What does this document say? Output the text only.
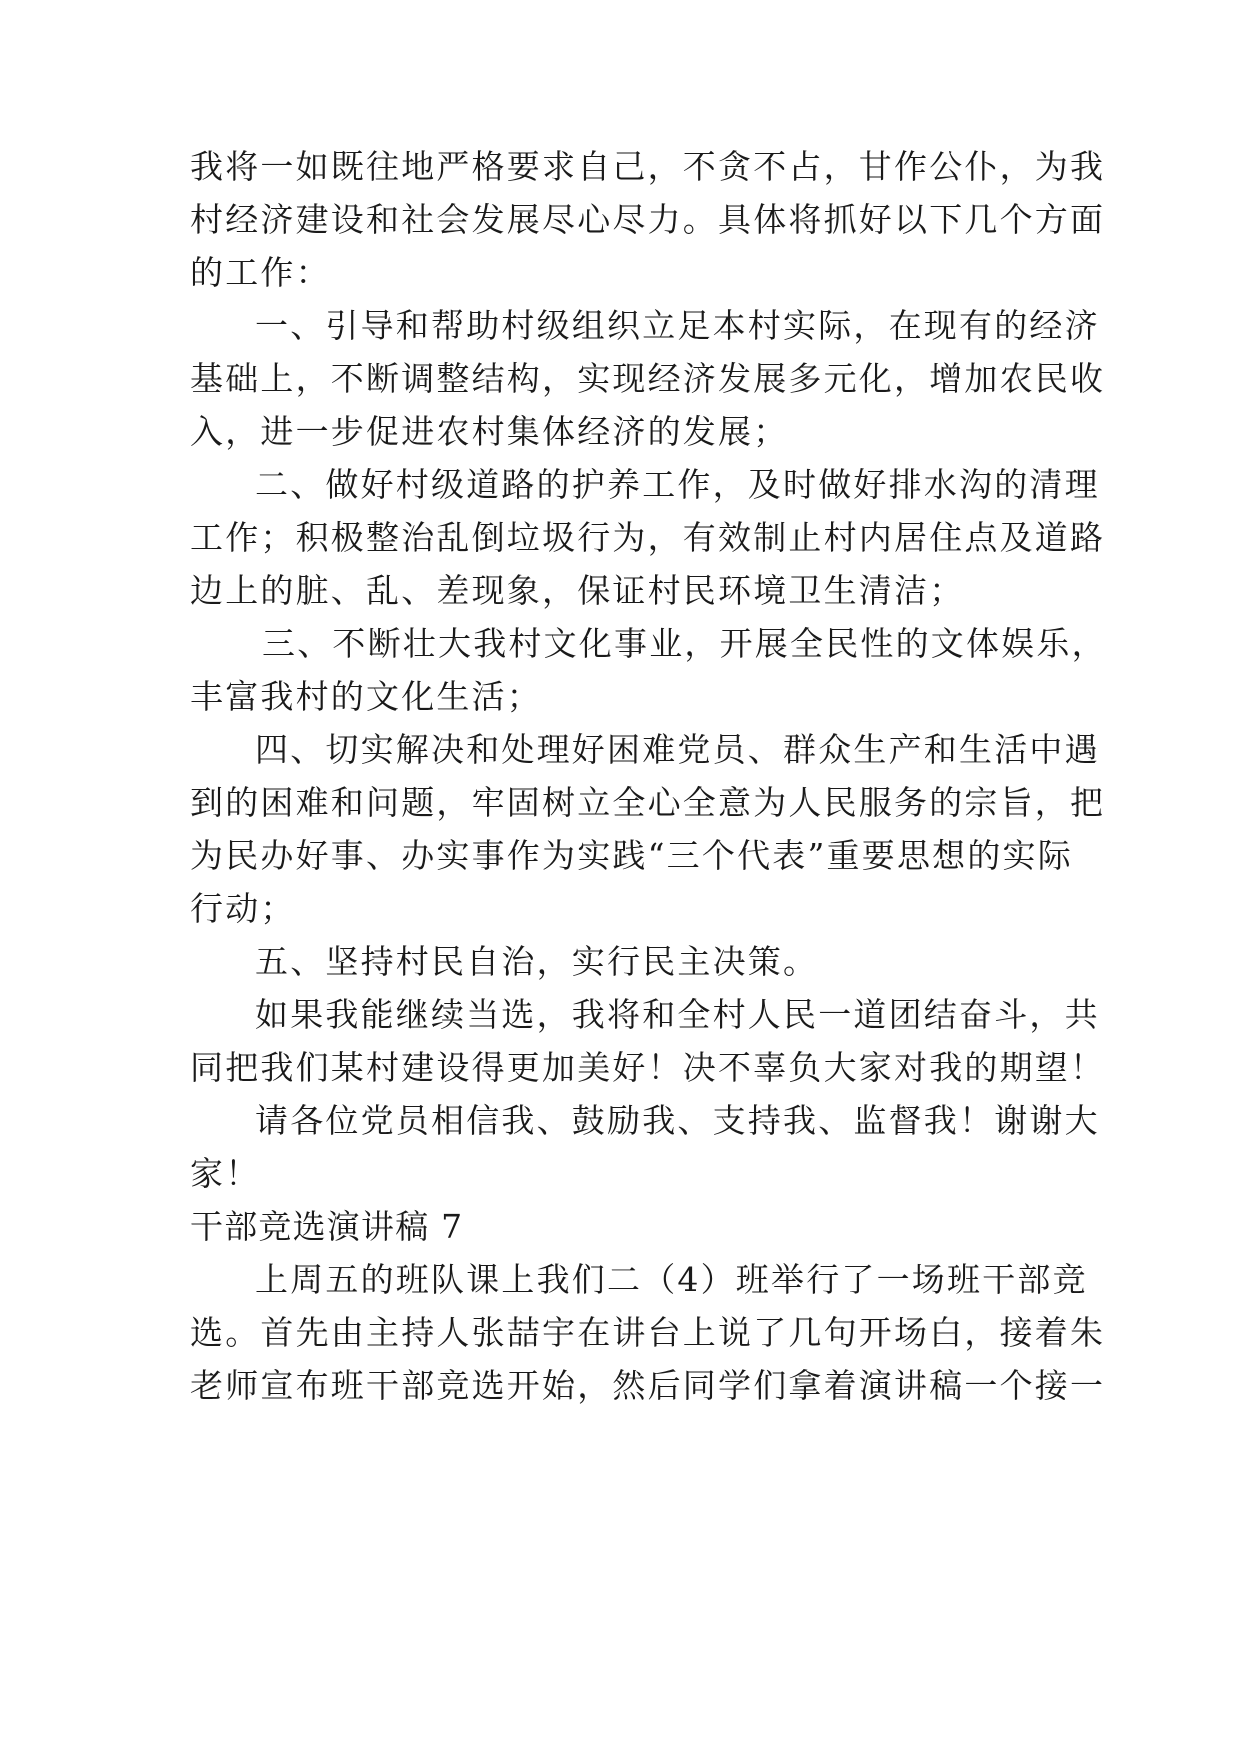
我将一如既往地严格要求自己，不贪不占，甘作公仆，为我
村经济建设和社会发展尽心尽力。具体将抓好以下几个方面
的工作：
一、引导和帮助村级组织立足本村实际，在现有的经济
基础上，不断调整结构，实现经济发展多元化，增加农民收
入，进一步促进农村集体经济的发展；
二、做好村级道路的护养工作，及时做好排水沟的清理
工作；积极整治乱倒垃圾行为，有效制止村内居住点及道路
边上的脏、乱、差现象，保证村民环境卫生清洁；
三、不断壮大我村文化事业，开展全民性的文体娱乐，
丰富我村的文化生活；
四、切实解决和处理好困难党员、群众生产和生活中遇
到的困难和问题，牢固树立全心全意为人民服务的宗旨，把
为民办好事、办实事作为实践“三个代表”重要思想的实际
行动；
五、坚持村民自治，实行民主决策。
如果我能继续当选，我将和全村人民一道团结奋斗，共
同把我们某村建设得更加美好！决不辜负大家对我的期望！
请各位党员相信我、鼓励我、支持我、监督我！谢谢大
家！
干部竞选演讲稿 7
上周五的班队课上我们二（4）班举行了一场班干部竞
选。首先由主持人张喆宇在讲台上说了几句开场白，接着朱
老师宣布班干部竞选开始，然后同学们拿着演讲稿一个接一
